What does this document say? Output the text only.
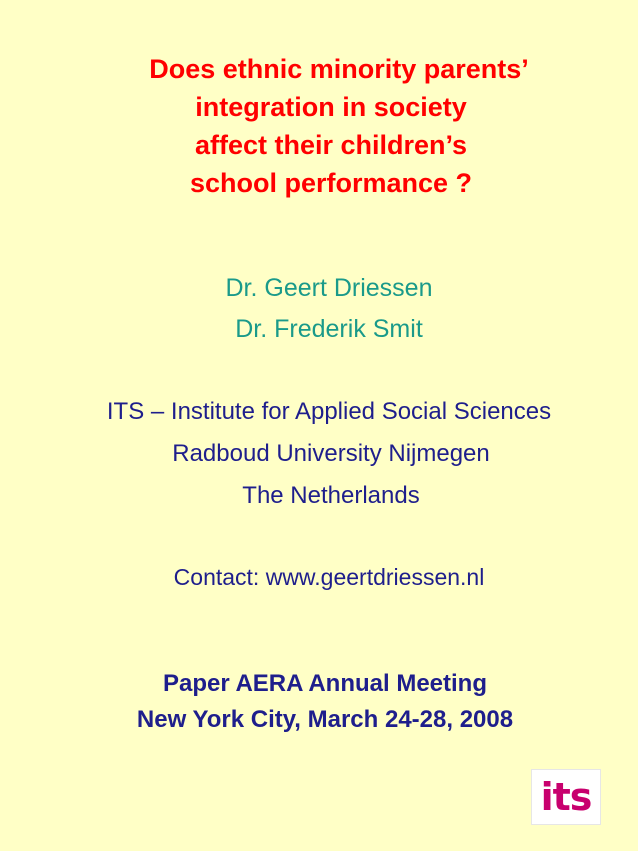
Does ethnic minority parents’
integration in society
affect their children’s
school performance ?
Dr. Geert Driessen
Dr. Frederik Smit
ITS – Institute for Applied Social Sciences
Radboud University Nijmegen
The Netherlands
Contact: www.geertdriessen.nl
Paper AERA Annual Meeting
New York City, March 24-28, 2008
its
